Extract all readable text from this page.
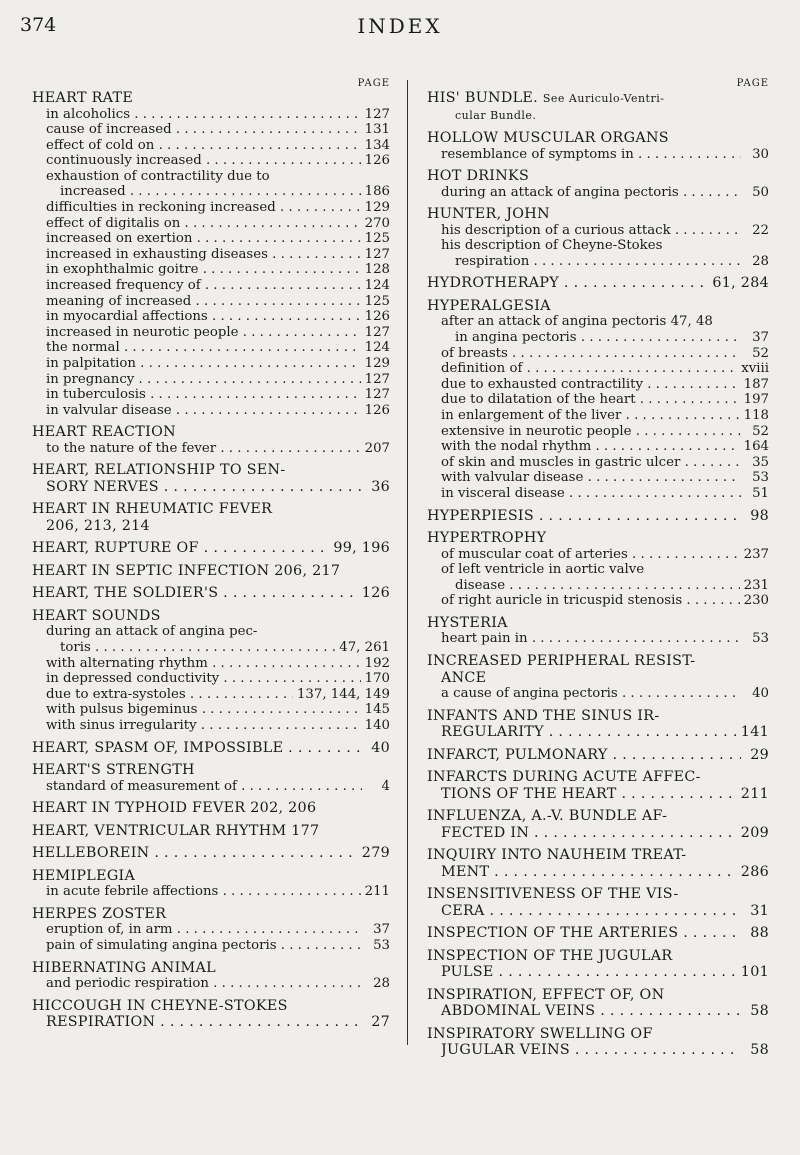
374	INDEX
PAGE
HEART RATE
in alcoholics . .	127
cause of increased . .	131
effect of cold on . .	134
continuously increased . .	126
exhaustion of contractility due to
increased . .	186
difficulties in reckoning increased . .	129
effect of digitalis on . .	270
increased on exertion . .	125
increased in exhausting diseases . .	127
in exophthalmic goitre . .	128
increased frequency of . .	124
meaning of increased . .	125
in myocardial affections . .	126
increased in neurotic people . .	127
the normal . .	124
in palpitation . .	129
in pregnancy . .	127
in tuberculosis . .	127
in valvular disease . .	126
HEART REACTION
to the nature of the fever . .	207
HEART, RELATIONSHIP TO SEN-
SORY NERVES . .	36
HEART IN RHEUMATIC FEVER
206, 213, 214
HEART, RUPTURE OF . .	99, 196
HEART IN SEPTIC INFECTION 206, 217
HEART, THE SOLDIER'S . .	126
HEART SOUNDS
during an attack of angina pec-
toris . .	47, 261
with alternating rhythm . .	192
in depressed conductivity . .	170
due to extra-systoles . .	137, 144, 149
with pulsus bigeminus . .	145
with sinus irregularity . .	140
HEART, SPASM OF, IMPOSSIBLE . .	40
HEART'S STRENGTH
standard of measurement of . .	4
HEART IN TYPHOID FEVER 202, 206
HEART, VENTRICULAR RHYTHM 177
HELLEBOREIN . .	279
HEMIPLEGIA
in acute febrile affections . .	211
HERPES ZOSTER
eruption of, in arm . .	37
pain of simulating angina pectoris . .	53
HIBERNATING ANIMAL
and periodic respiration . .	28
HICCOUGH IN CHEYNE-STOKES
RESPIRATION . .	27
PAGE
HIS' BUNDLE. See Auriculo-Ventri-
cular Bundle.
HOLLOW MUSCULAR ORGANS
resemblance of symptoms in . .	30
HOT DRINKS
during an attack of angina pectoris . .	50
HUNTER, JOHN
his description of a curious attack . .	22
his description of Cheyne-Stokes
respiration . .	28
HYDROTHERAPY . .	61, 284
HYPERALGESIA
after an attack of angina pectoris 47, 48
in angina pectoris . .	37
of breasts . .	52
definition of . .	xviii
due to exhausted contractility . .	187
due to dilatation of the heart . .	197
in enlargement of the liver . .	118
extensive in neurotic people . .	52
with the nodal rhythm . .	164
of skin and muscles in gastric ulcer . .	35
with valvular disease . .	53
in visceral disease . .	51
HYPERPIESIS . .	98
HYPERTROPHY
of muscular coat of arteries . .	237
of left ventricle in aortic valve
disease . .	231
of right auricle in tricuspid stenosis . .	230
HYSTERIA
heart pain in . .	53
INCREASED PERIPHERAL RESIST-
ANCE
a cause of angina pectoris . .	40
INFANTS AND THE SINUS IR-
REGULARITY . .	141
INFARCT, PULMONARY . .	29
INFARCTS DURING ACUTE AFFEC-
TIONS OF THE HEART . .	211
INFLUENZA, A.-V. BUNDLE AF-
FECTED IN . .	209
INQUIRY INTO NAUHEIM TREAT-
MENT . .	286
INSENSITIVENESS OF THE VIS-
CERA . .	31
INSPECTION OF THE ARTERIES . .	88
INSPECTION OF THE JUGULAR
PULSE . .	101
INSPIRATION, EFFECT OF, ON
ABDOMINAL VEINS . .	58
INSPIRATORY SWELLING OF
JUGULAR VEINS . .	58
